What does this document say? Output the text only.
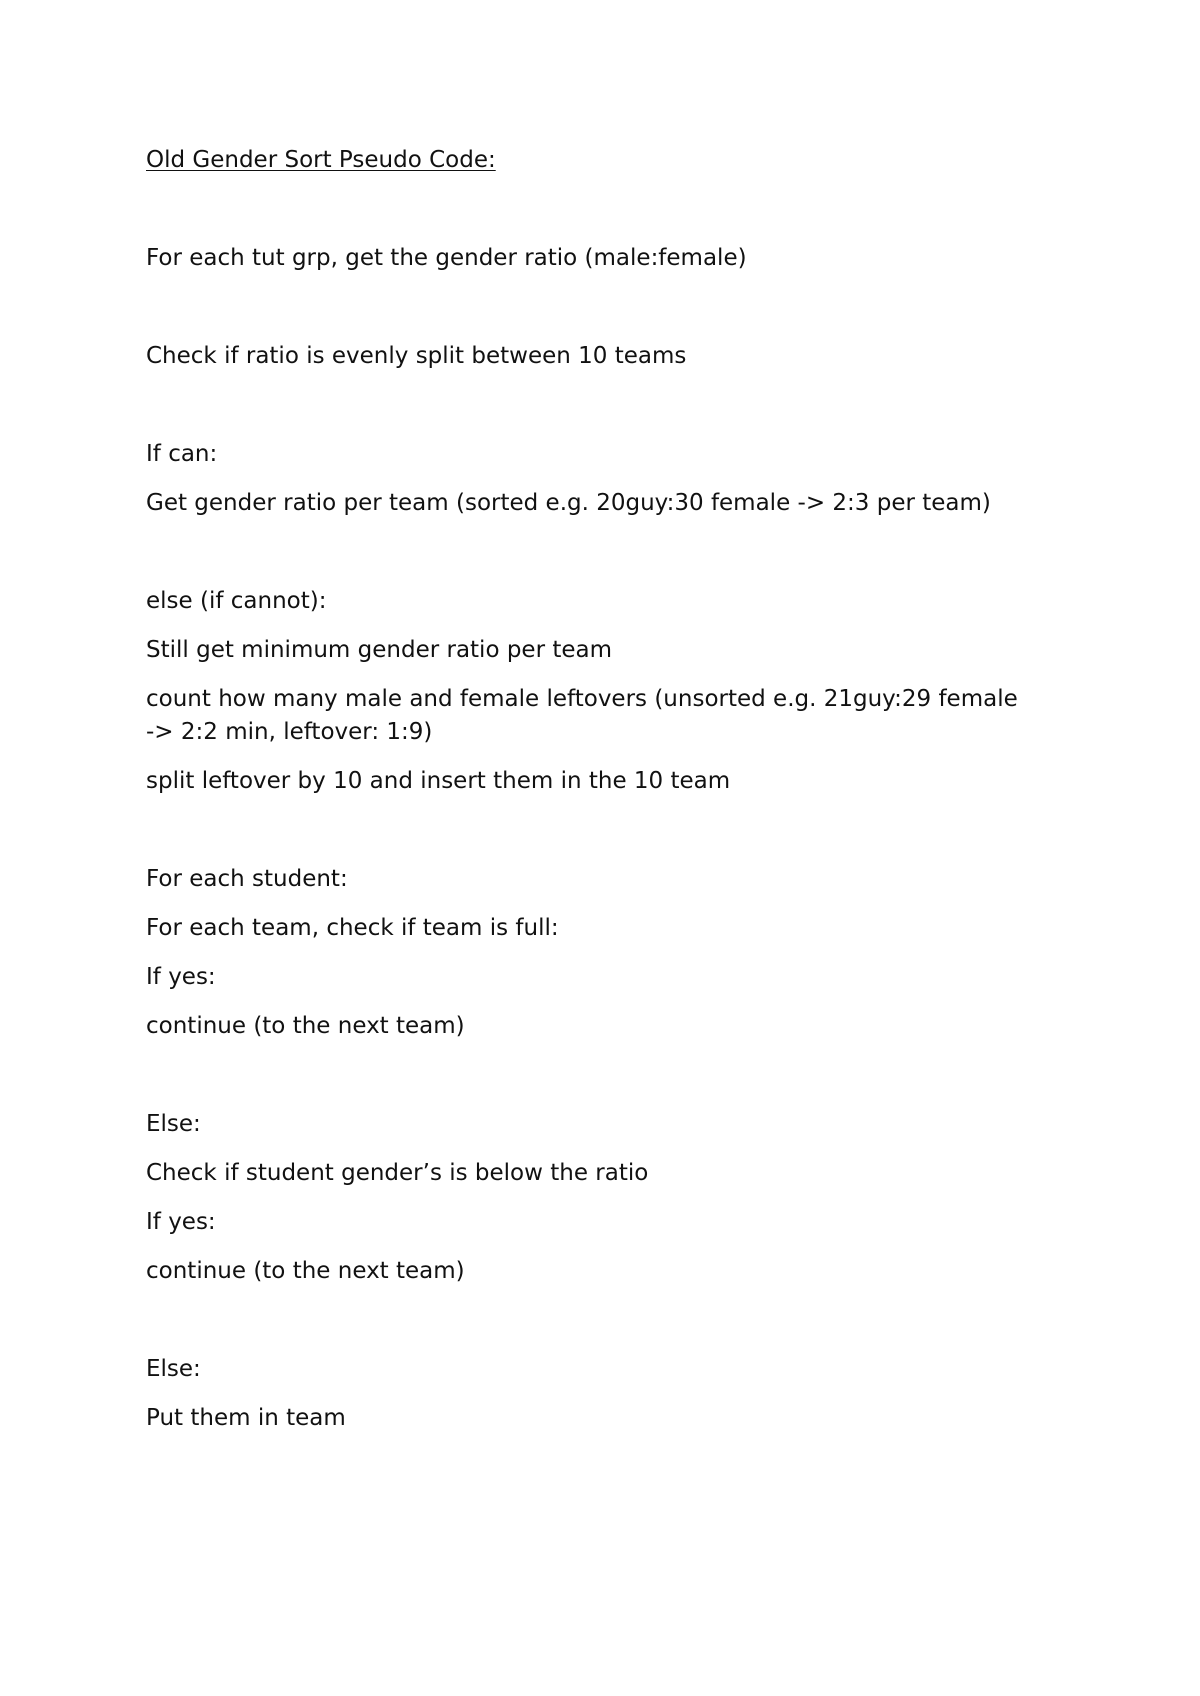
Old Gender Sort Pseudo Code:

For each tut grp, get the gender ratio (male:female)

Check if ratio is evenly split between 10 teams

If can:

Get gender ratio per team (sorted e.g. 20guy:30 female -> 2:3 per team)

else (if cannot):

Still get minimum gender ratio per team

count how many male and female leftovers (unsorted e.g. 21guy:29 female -> 2:2 min, leftover: 1:9)

split leftover by 10 and insert them in the 10 team

For each student:

For each team, check if team is full:

If yes:

continue (to the next team)

Else:

Check if student gender’s is below the ratio

If yes:

continue (to the next team)

Else:

Put them in team
